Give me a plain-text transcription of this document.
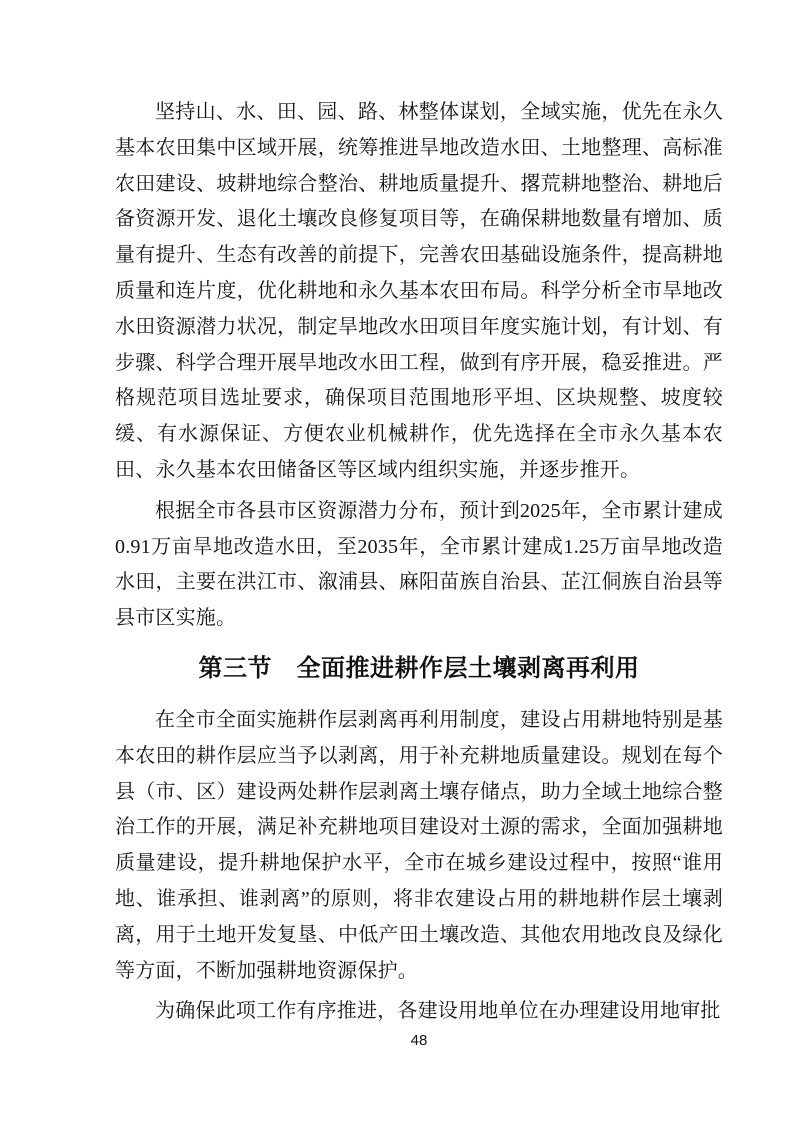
坚持山、水、田、园、路、林整体谋划，全域实施，优先在永久基本农田集中区域开展，统筹推进旱地改造水田、土地整理、高标准农田建设、坡耕地综合整治、耕地质量提升、撂荒耕地整治、耕地后备资源开发、退化土壤改良修复项目等，在确保耕地数量有增加、质量有提升、生态有改善的前提下，完善农田基础设施条件，提高耕地质量和连片度，优化耕地和永久基本农田布局。科学分析全市旱地改水田资源潜力状况，制定旱地改水田项目年度实施计划，有计划、有步骤、科学合理开展旱地改水田工程，做到有序开展，稳妥推进。严格规范项目选址要求，确保项目范围地形平坦、区块规整、坡度较缓、有水源保证、方便农业机械耕作，优先选择在全市永久基本农田、永久基本农田储备区等区域内组织实施，并逐步推开。

根据全市各县市区资源潜力分布，预计到2025年，全市累计建成0.91万亩旱地改造水田，至2035年，全市累计建成1.25万亩旱地改造水田，主要在洪江市、溆浦县、麻阳苗族自治县、芷江侗族自治县等县市区实施。

第三节　全面推进耕作层土壤剥离再利用

在全市全面实施耕作层剥离再利用制度，建设占用耕地特别是基本农田的耕作层应当予以剥离，用于补充耕地质量建设。规划在每个县（市、区）建设两处耕作层剥离土壤存储点，助力全域土地综合整治工作的开展，满足补充耕地项目建设对土源的需求，全面加强耕地质量建设，提升耕地保护水平，全市在城乡建设过程中，按照“谁用地、谁承担、谁剥离”的原则，将非农建设占用的耕地耕作层土壤剥离，用于土地开发复垦、中低产田土壤改造、其他农用地改良及绿化等方面，不断加强耕地资源保护。

为确保此项工作有序推进，各建设用地单位在办理建设用地审批

48
